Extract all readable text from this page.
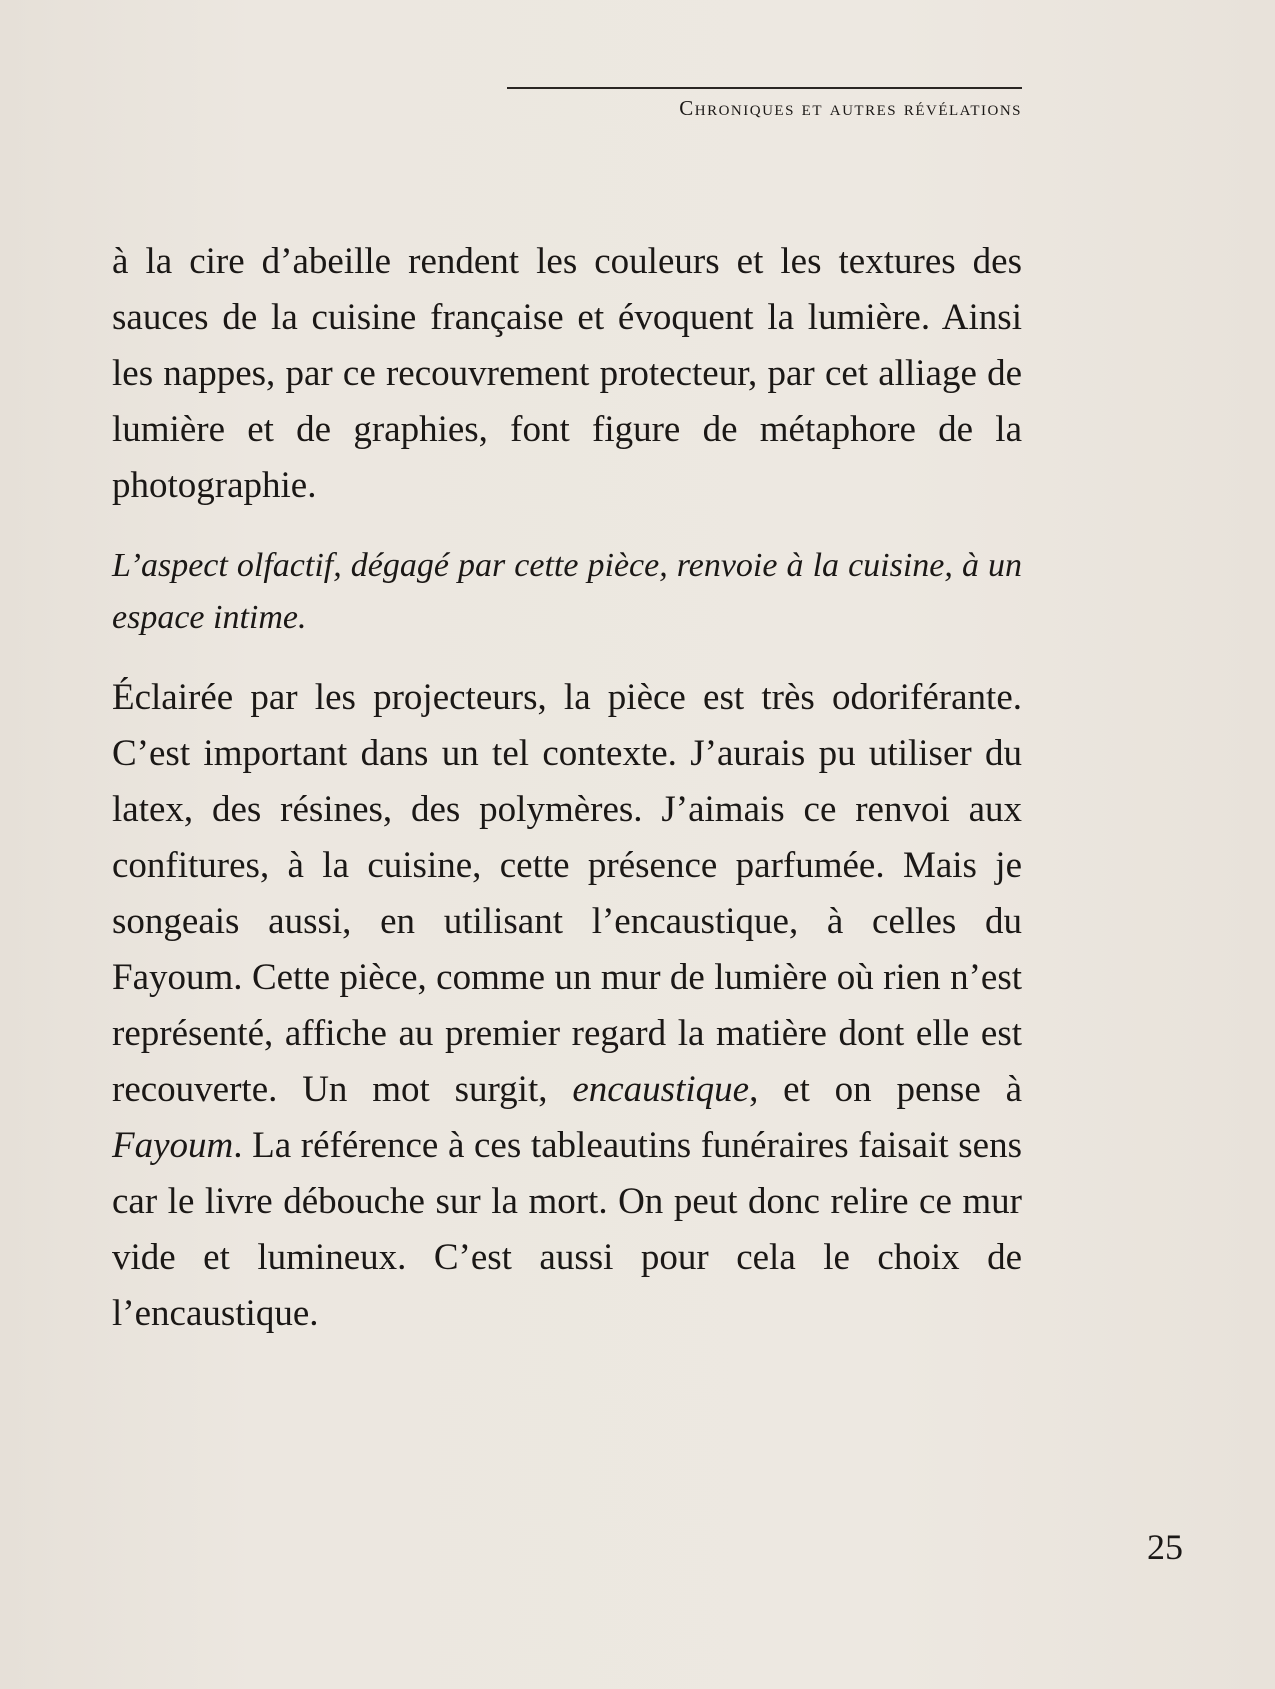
Chroniques et autres révélations

à la cire d’abeille rendent les couleurs et les textures des sauces de la cuisine française et évoquent la lumière. Ainsi les nappes, par ce recouvrement protecteur, par cet alliage de lumière et de graphies, font figure de métaphore de la photographie.

L’aspect olfactif, dégagé par cette pièce, renvoie à la cuisine, à un espace intime.

Éclairée par les projecteurs, la pièce est très odoriférante. C’est important dans un tel contexte. J’aurais pu utiliser du latex, des résines, des polymères. J’aimais ce renvoi aux confitures, à la cuisine, cette présence parfumée. Mais je songeais aussi, en utilisant l’encaustique, à celles du Fayoum. Cette pièce, comme un mur de lumière où rien n’est représenté, affiche au premier regard la matière dont elle est recouverte. Un mot surgit, encaustique, et on pense à Fayoum. La référence à ces tableautins funéraires faisait sens car le livre débouche sur la mort. On peut donc relire ce mur vide et lumineux. C’est aussi pour cela le choix de l’encaustique.

25
